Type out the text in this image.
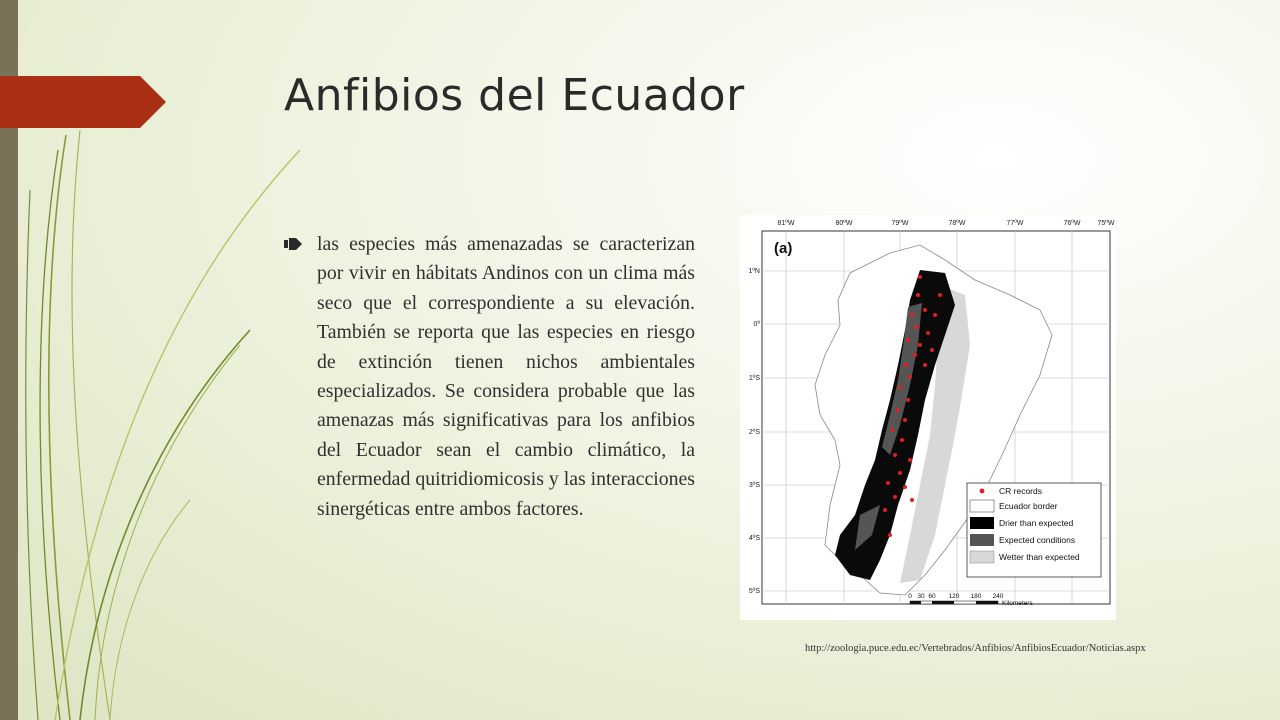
Anfibios del Ecuador

las especies más amenazadas se caracterizan por vivir en hábitats Andinos con un clima más seco que el correspondiente a su elevación. También se reporta que las especies en riesgo de extinción tienen nichos ambientales especializados. Se considera probable que las amenazas más significativas para los anfibios del Ecuador sean el cambio climático, la enfermedad quitridiomicosis y las interacciones sinergéticas entre ambos factores.

81ºW	80ºW	79ºW	78ºW	77ºW	76ºW 75ºW
1ºN
0º
1ºS
2ºS
3ºS
4ºS
5ºS
(a)
CR records
Ecuador border
Drier than expected
Expected conditions
Wetter than expected
0 30 60 120 180 240
Kilometers

http://zoologia.puce.edu.ec/Vertebrados/Anfibios/AnfibiosEcuador/Noticias.aspx
